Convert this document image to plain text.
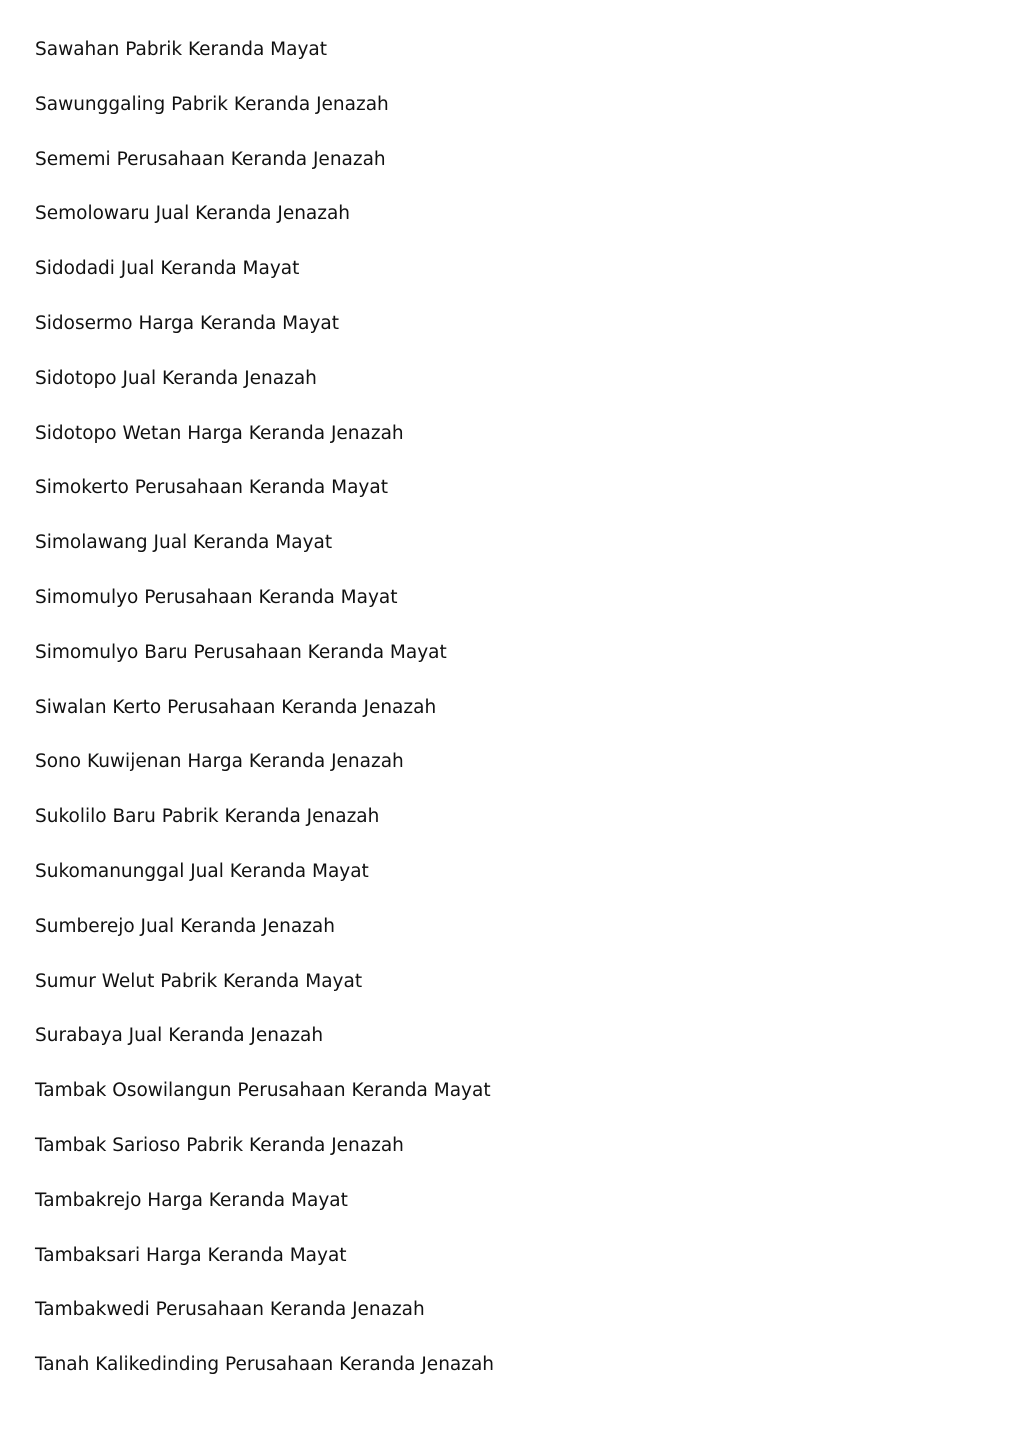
Sawahan Pabrik Keranda Mayat
Sawunggaling Pabrik Keranda Jenazah
Sememi Perusahaan Keranda Jenazah
Semolowaru Jual Keranda Jenazah
Sidodadi Jual Keranda Mayat
Sidosermo Harga Keranda Mayat
Sidotopo Jual Keranda Jenazah
Sidotopo Wetan Harga Keranda Jenazah
Simokerto Perusahaan Keranda Mayat
Simolawang Jual Keranda Mayat
Simomulyo Perusahaan Keranda Mayat
Simomulyo Baru Perusahaan Keranda Mayat
Siwalan Kerto Perusahaan Keranda Jenazah
Sono Kuwijenan Harga Keranda Jenazah
Sukolilo Baru Pabrik Keranda Jenazah
Sukomanunggal Jual Keranda Mayat
Sumberejo Jual Keranda Jenazah
Sumur Welut Pabrik Keranda Mayat
Surabaya Jual Keranda Jenazah
Tambak Osowilangun Perusahaan Keranda Mayat
Tambak Sarioso Pabrik Keranda Jenazah
Tambakrejo Harga Keranda Mayat
Tambaksari Harga Keranda Mayat
Tambakwedi Perusahaan Keranda Jenazah
Tanah Kalikedinding Perusahaan Keranda Jenazah
